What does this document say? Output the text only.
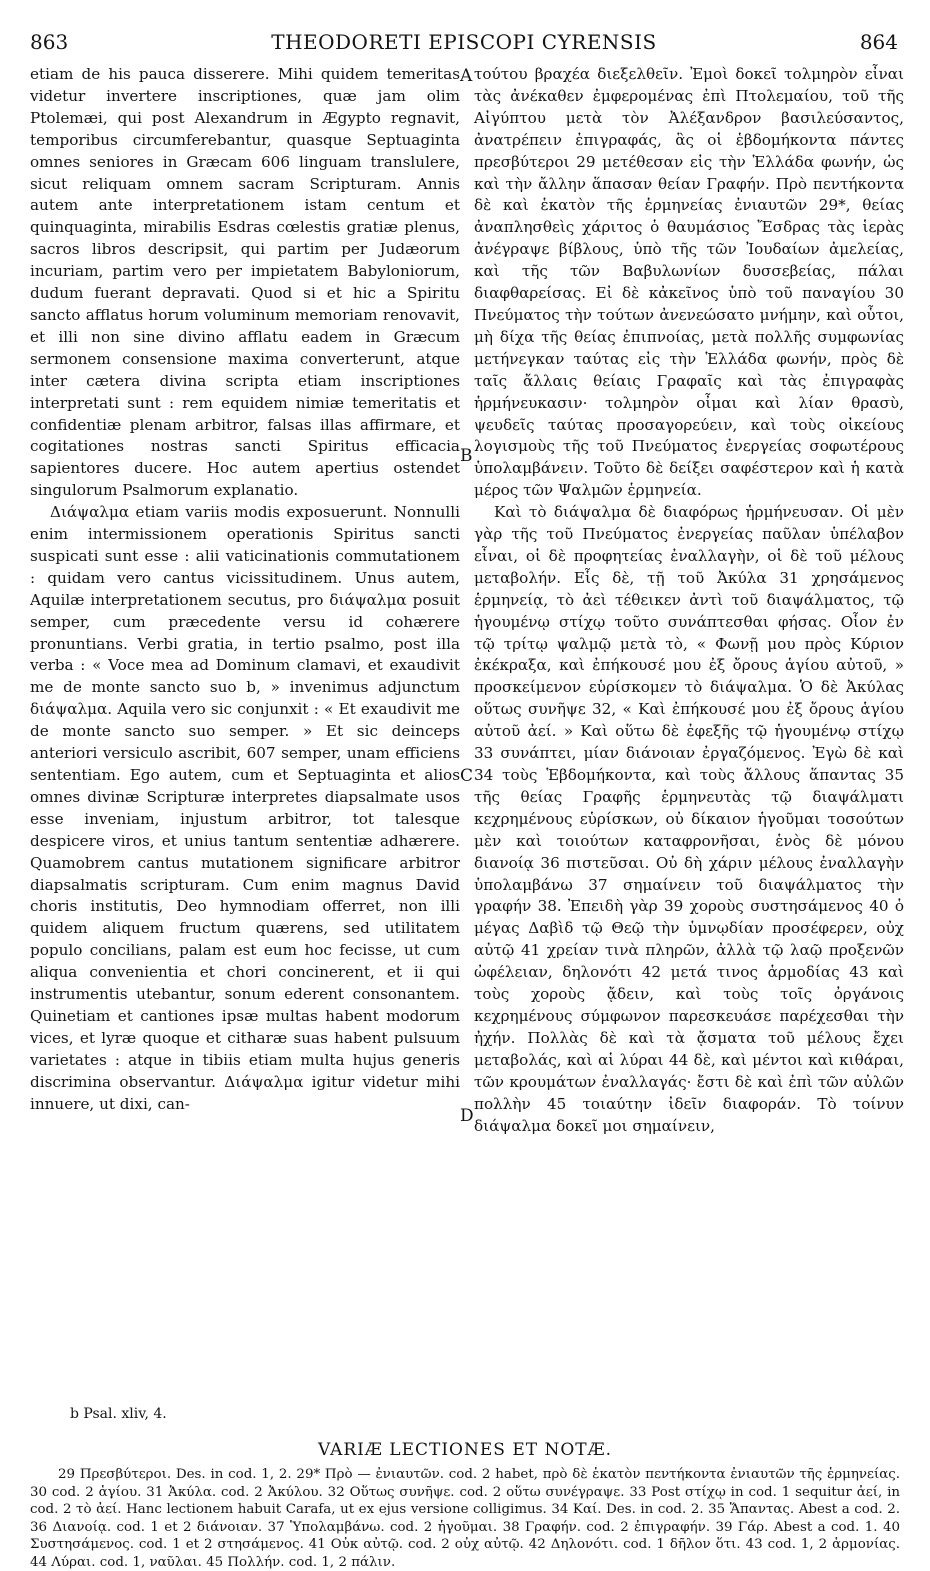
863	THEODORETI EPISCOPI CYRENSIS	864

etiam de his pauca disserere. Mihi quidem temeritas videtur invertere inscriptiones, quæ jam olim Ptolemæi, qui post Alexandrum in Ægypto regnavit, temporibus circumferebantur, quasque Septuaginta omnes seniores in Græcam 606 linguam translulere, sicut reliquam omnem sacram Scripturam. Annis autem ante interpretationem istam centum et quinquaginta, mirabilis Esdras cœlestis gratiæ plenus, sacros libros descripsit, qui partim per Judæorum incuriam, partim vero per impietatem Babyloniorum, dudum fuerant depravati. Quod si et hic a Spiritu sancto afflatus horum voluminum memoriam renovavit, et illi non sine divino afflatu eadem in Græcum sermonem consensione maxima converterunt, atque inter cætera divina scripta etiam inscriptiones interpretati sunt : rem equidem nimiæ temeritatis et confidentiæ plenam arbitror, falsas illas affirmare, et cogitationes nostras sancti Spiritus efficacia sapientores ducere. Hoc autem apertius ostendet singulorum Psalmorum explanatio.

Διάψαλμα etiam variis modis exposuerunt. Nonnulli enim intermissionem operationis Spiritus sancti suspicati sunt esse : alii vaticinationis commutationem : quidam vero cantus vicissitudinem. Unus autem, Aquilæ interpretationem secutus, pro διάψαλμα posuit semper, cum præcedente versu id cohærere pronuntians. Verbi gratia, in tertio psalmo, post illa verba : « Voce mea ad Dominum clamavi, et exaudivit me de monte sancto suo b, » invenimus adjunctum διάψαλμα. Aquila vero sic conjunxit : « Et exaudivit me de monte sancto suo semper. » Et sic deinceps anteriori versiculo ascribit, 607 semper, unam efficiens sententiam. Ego autem, cum et Septuaginta et alios omnes divinæ Scripturæ interpretes diapsalmate usos esse inveniam, injustum arbitror, tot talesque despicere viros, et unius tantum sententiæ adhærere. Quamobrem cantus mutationem significare arbitror diapsalmatis scripturam. Cum enim magnus David choris institutis, Deo hymnodiam offerret, non illi quidem aliquem fructum quærens, sed utilitatem populo concilians, palam est eum hoc fecisse, ut cum aliqua convenientia et chori concinerent, et ii qui instrumentis utebantur, sonum ederent consonantem. Quinetiam et cantiones ipsæ multas habent modorum vices, et lyræ quoque et citharæ suas habent pulsuum varietates : atque in tibiis etiam multa hujus generis discrimina observantur. Διάψαλμα igitur videtur mihi innuere, ut dixi, can-

A
B
C
D

τούτου βραχέα διεξελθεῖν. Ἐμοὶ δοκεῖ τολμηρὸν εἶναι τὰς ἀνέκαθεν ἐμφερομένας ἐπὶ Πτολεμαίου, τοῦ τῆς Αἰγύπτου μετὰ τὸν Ἀλέξανδρον βασιλεύσαντος, ἀνατρέπειν ἐπιγραφάς, ἃς οἱ ἑβδομήκοντα πάντες πρεσβύτεροι 29 μετέθεσαν εἰς τὴν Ἑλλάδα φωνήν, ὡς καὶ τὴν ἄλλην ἅπασαν θείαν Γραφήν. Πρὸ πεντήκοντα δὲ καὶ ἑκατὸν τῆς ἑρμηνείας ἐνιαυτῶν 29*, θείας ἀναπλησθεὶς χάριτος ὁ θαυμάσιος Ἔσδρας τὰς ἱερὰς ἀνέγραψε βίβλους, ὑπὸ τῆς τῶν Ἰουδαίων ἀμελείας, καὶ τῆς τῶν Βαβυλωνίων δυσσεβείας, πάλαι διαφθαρείσας. Εἰ δὲ κἀκεῖνος ὑπὸ τοῦ παναγίου 30 Πνεύματος τὴν τούτων ἀνενεώσατο μνήμην, καὶ οὗτοι, μὴ δίχα τῆς θείας ἐπιπνοίας, μετὰ πολλῆς συμφωνίας μετήνεγκαν ταύτας εἰς τὴν Ἑλλάδα φωνήν, πρὸς δὲ ταῖς ἄλλαις θείαις Γραφαῖς καὶ τὰς ἐπιγραφὰς ἡρμήνευκασιν· τολμηρὸν οἶμαι καὶ λίαν θρασὺ, ψευδεῖς ταύτας προσαγορεύειν, καὶ τοὺς οἰκείους λογισμοὺς τῆς τοῦ Πνεύματος ἐνεργείας σοφωτέρους ὑπολαμβάνειν. Τοῦτο δὲ δείξει σαφέστερον καὶ ἡ κατὰ μέρος τῶν Ψαλμῶν ἑρμηνεία.

Καὶ τὸ διάψαλμα δὲ διαφόρως ἡρμήνευσαν. Οἱ μὲν γὰρ τῆς τοῦ Πνεύματος ἐνεργείας παῦλαν ὑπέλαβον εἶναι, οἱ δὲ προφητείας ἐναλλαγὴν, οἱ δὲ τοῦ μέλους μεταβολήν. Εἷς δὲ, τῇ τοῦ Ἀκύλα 31 χρησάμενος ἑρμηνείᾳ, τὸ ἀεὶ τέθεικεν ἀντὶ τοῦ διαψάλματος, τῷ ἡγουμένῳ στίχῳ τοῦτο συνάπτεσθαι φήσας. Οἷον ἐν τῷ τρίτῳ ψαλμῷ μετὰ τὸ, « Φωνῇ μου πρὸς Κύριον ἐκέκραξα, καὶ ἐπήκουσέ μου ἐξ ὄρους ἁγίου αὐτοῦ, » προσκείμενον εὑρίσκομεν τὸ διάψαλμα. Ὁ δὲ Ἀκύλας οὕτως συνῆψε 32, « Καὶ ἐπήκουσέ μου ἐξ ὄρους ἁγίου αὐτοῦ ἀεί. » Καὶ οὕτω δὲ ἐφεξῆς τῷ ἡγουμένῳ στίχῳ 33 συνάπτει, μίαν διάνοιαν ἐργαζόμενος. Ἐγὼ δὲ καὶ 34 τοὺς Ἑβδομήκοντα, καὶ τοὺς ἄλλους ἅπαντας 35 τῆς θείας Γραφῆς ἑρμηνευτὰς τῷ διαψάλματι κεχρημένους εὑρίσκων, οὐ δίκαιον ἡγοῦμαι τοσούτων μὲν καὶ τοιούτων καταφρονῆσαι, ἑνὸς δὲ μόνου διανοίᾳ 36 πιστεῦσαι. Οὐ δὴ χάριν μέλους ἐναλλαγὴν ὑπολαμβάνω 37 σημαίνειν τοῦ διαψάλματος τὴν γραφήν 38. Ἐπειδὴ γὰρ 39 χοροὺς συστησάμενος 40 ὁ μέγας Δαβὶδ τῷ Θεῷ τὴν ὑμνῳδίαν προσέφερεν, οὐχ αὐτῷ 41 χρείαν τινὰ πληρῶν, ἀλλὰ τῷ λαῷ προξενῶν ὠφέλειαν, δηλονότι 42 μετά τινος ἁρμοδίας 43 καὶ τοὺς χοροὺς ᾄδειν, καὶ τοὺς τοῖς ὀργάνοις κεχρημένους σύμφωνον παρεσκευάσε παρέχεσθαι τὴν ἠχήν. Πολλὰς δὲ καὶ τὰ ᾄσματα τοῦ μέλους ἔχει μεταβολάς, καὶ αἱ λύραι 44 δὲ, καὶ μέντοι καὶ κιθάραι, τῶν κρουμάτων ἐναλλαγάς· ἔστι δὲ καὶ ἐπὶ τῶν αὐλῶν πολλὴν 45 τοιαύτην ἰδεῖν διαφοράν. Τὸ τοίνυν διάψαλμα δοκεῖ μοι σημαίνειν,

b Psal. xliv, 4.
VARIÆ LECTIONES ET NOTÆ.

29 Πρεσβύτεροι. Des. in cod. 1, 2. 29* Πρὸ — ἐνιαυτῶν. cod. 2 habet, πρὸ δὲ ἑκατὸν πεντήκοντα ἐνιαυτῶν τῆς ἑρμηνείας. 30 cod. 2 ἁγίου. 31 Ἀκύλα. cod. 2 Ἀκύλου. 32 Οὕτως συνῆψε. cod. 2 οὕτω συνέγραψε. 33 Post στίχῳ in cod. 1 sequitur ἀεί, in cod. 2 τὸ ἀεί. Hanc lectionem habuit Carafa, ut ex ejus versione colligimus. 34 Καί. Des. in cod. 2. 35 Ἅπαντας. Abest a cod. 2. 36 Διανοίᾳ. cod. 1 et 2 διάνοιαν. 37 Ὑπολαμβάνω. cod. 2 ἡγοῦμαι. 38 Γραφήν. cod. 2 ἐπιγραφήν. 39 Γάρ. Abest a cod. 1. 40 Συστησάμενος. cod. 1 et 2 στησάμενος. 41 Οὐκ αὐτῷ. cod. 2 οὐχ αὐτῷ. 42 Δηλονότι. cod. 1 δῆλον ὅτι. 43 cod. 1, 2 ἁρμονίας. 44 Λύραι. cod. 1, ναῦλαι. 45 Πολλήν. cod. 1, 2 πάλιν.
